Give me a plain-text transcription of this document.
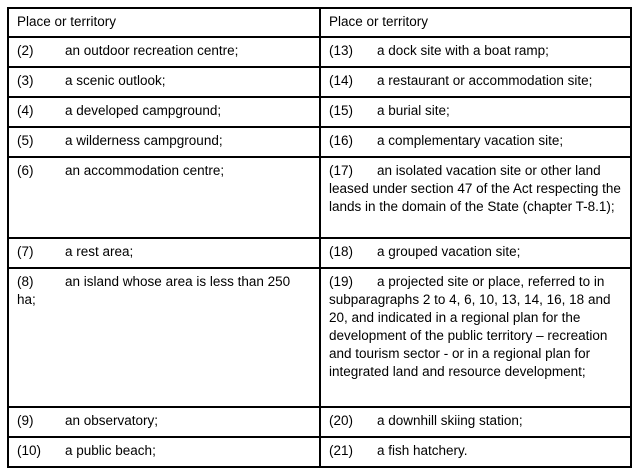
Place or territory	Place or territory
(2) an outdoor recreation centre;	(13) a dock site with a boat ramp;
(3) a scenic outlook;	(14) a restaurant or accommodation site;
(4) a developed campground;	(15) a burial site;
(5) a wilderness campground;	(16) a complementary vacation site;
(6) an accommodation centre;	(17) an isolated vacation site or other land leased under section 47 of the Act respecting the lands in the domain of the State (chapter T-8.1);
(7) a rest area;	(18) a grouped vacation site;
(8) an island whose area is less than 250 ha;	(19) a projected site or place, referred to in subparagraphs 2 to 4, 6, 10, 13, 14, 16, 18 and 20, and indicated in a regional plan for the development of the public territory – recreation and tourism sector - or in a regional plan for integrated land and resource development;
(9) an observatory;	(20) a downhill skiing station;
(10) a public beach;	(21) a fish hatchery.
